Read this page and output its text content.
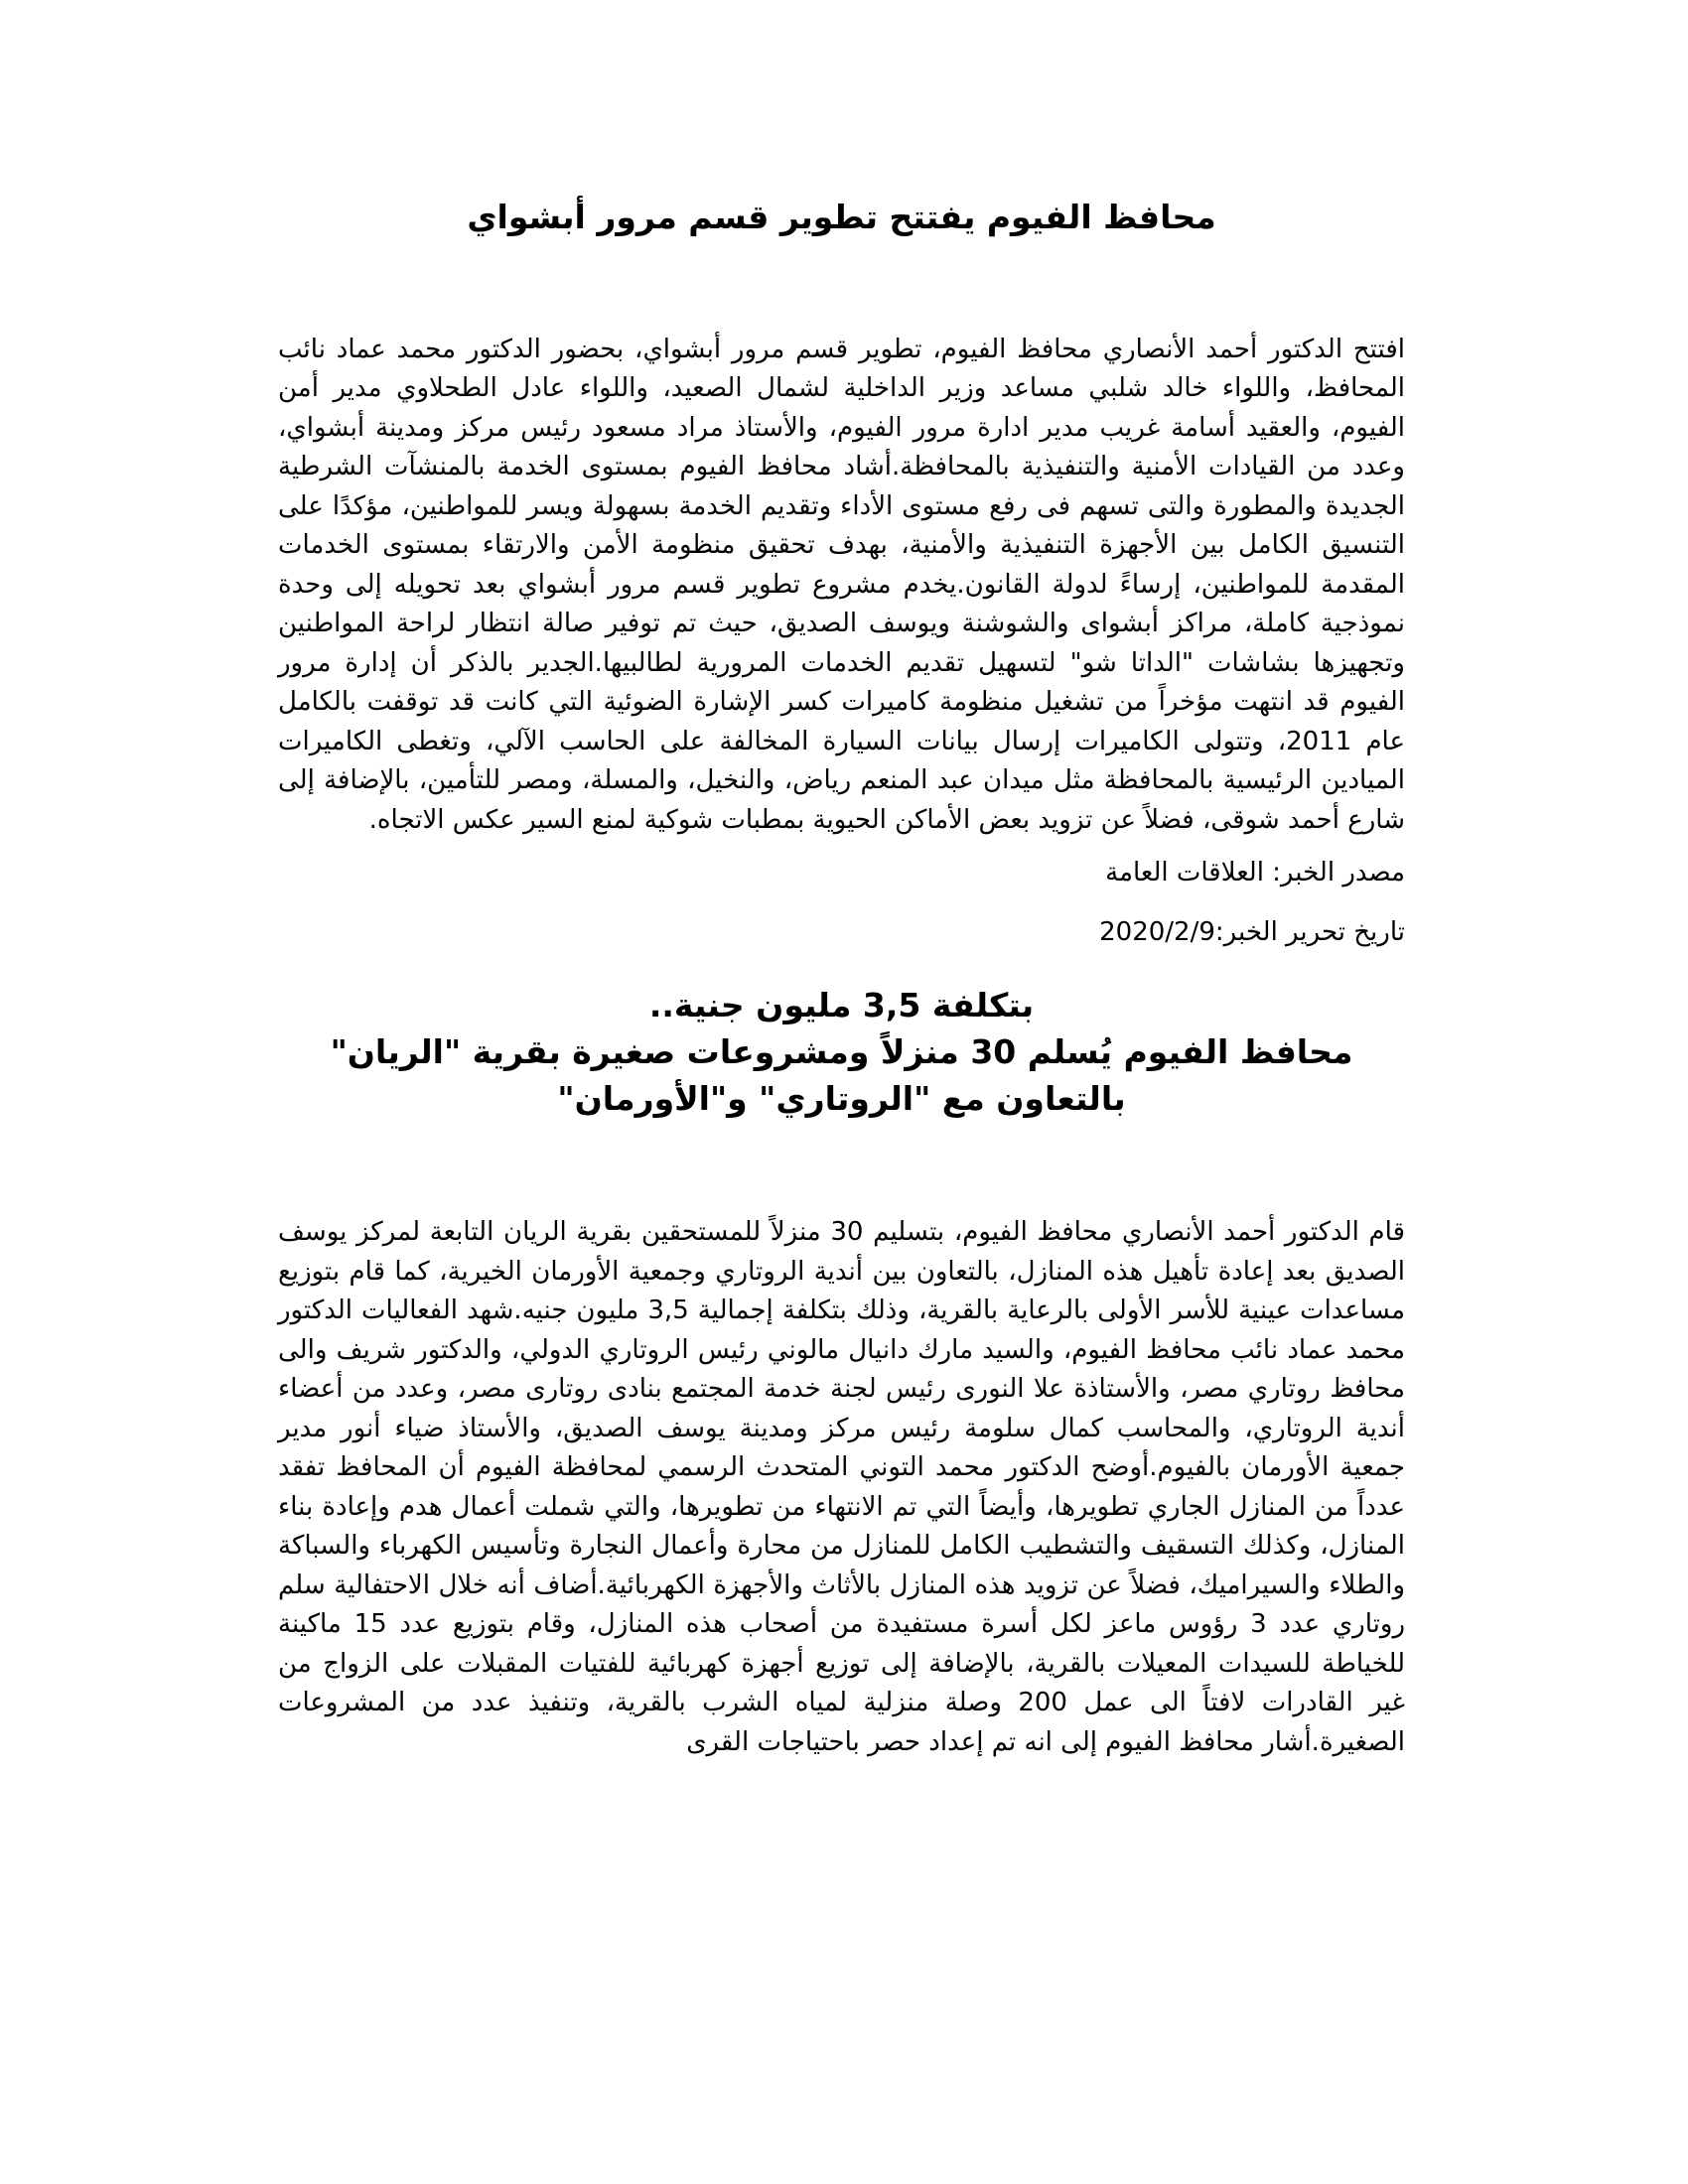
محافظ الفيوم يفتتح تطوير قسم مرور أبشواي

افتتح الدكتور أحمد الأنصاري محافظ الفيوم، تطوير قسم مرور أبشواي، بحضور الدكتور محمد عماد نائب المحافظ، واللواء خالد شلبي مساعد وزير الداخلية لشمال الصعيد، واللواء عادل الطحلاوي مدير أمن الفيوم، والعقيد أسامة غريب مدير ادارة مرور الفيوم، والأستاذ مراد مسعود رئيس مركز ومدينة أبشواي، وعدد من القيادات الأمنية والتنفيذية بالمحافظة.أشاد محافظ الفيوم بمستوى الخدمة بالمنشآت الشرطية الجديدة والمطورة والتى تسهم فى رفع مستوى الأداء وتقديم الخدمة بسهولة ويسر للمواطنين، مؤكدًا على التنسيق الكامل بين الأجهزة التنفيذية والأمنية، بهدف تحقيق منظومة الأمن والارتقاء بمستوى الخدمات المقدمة للمواطنين، إرساءً لدولة القانون.يخدم مشروع تطوير قسم مرور أبشواي بعد تحويله إلى وحدة نموذجية كاملة، مراكز أبشواى والشوشنة ويوسف الصديق، حيث تم توفير صالة انتظار لراحة المواطنين وتجهيزها بشاشات "الداتا شو" لتسهيل تقديم الخدمات المرورية لطالبيها.الجدير بالذكر أن إدارة مرور الفيوم قد انتهت مؤخراً من تشغيل منظومة كاميرات كسر الإشارة الضوئية التي كانت قد توقفت بالكامل عام 2011، وتتولى الكاميرات إرسال بيانات السيارة المخالفة على الحاسب الآلي، وتغطى الكاميرات الميادين الرئيسية بالمحافظة مثل ميدان عبد المنعم رياض، والنخيل، والمسلة، ومصر للتأمين، بالإضافة إلى شارع أحمد شوقى، فضلاً عن تزويد بعض الأماكن الحيوية بمطبات شوكية لمنع السير عكس الاتجاه.

مصدر الخبر: العلاقات العامة

تاريخ تحرير الخبر:2020/2/9

بتكلفة 3,5 مليون جنية..
محافظ الفيوم يُسلم 30 منزلاً ومشروعات صغيرة بقرية "الريان" بالتعاون مع "الروتاري" و"الأورمان"

قام الدكتور أحمد الأنصاري محافظ الفيوم، بتسليم 30 منزلاً للمستحقين بقرية الريان التابعة لمركز يوسف الصديق بعد إعادة تأهيل هذه المنازل، بالتعاون بين أندية الروتاري وجمعية الأورمان الخيرية، كما قام بتوزيع مساعدات عينية للأسر الأولى بالرعاية بالقرية، وذلك بتكلفة إجمالية 3,5 مليون جنيه.شهد الفعاليات الدكتور محمد عماد نائب محافظ الفيوم، والسيد مارك دانيال مالوني رئيس الروتاري الدولي، والدكتور شريف والى محافظ روتاري مصر، والأستاذة علا النورى رئيس لجنة خدمة المجتمع بنادى روتارى مصر، وعدد من أعضاء أندية الروتاري، والمحاسب كمال سلومة رئيس مركز ومدينة يوسف الصديق، والأستاذ ضياء أنور مدير جمعية الأورمان بالفيوم.أوضح الدكتور محمد التوني المتحدث الرسمي لمحافظة الفيوم أن المحافظ تفقد عدداً من المنازل الجاري تطويرها، وأيضاً التي تم الانتهاء من تطويرها، والتي شملت أعمال هدم وإعادة بناء المنازل، وكذلك التسقيف والتشطيب الكامل للمنازل من محارة وأعمال النجارة وتأسيس الكهرباء والسباكة والطلاء والسيراميك، فضلاً عن تزويد هذه المنازل بالأثاث والأجهزة الكهربائية.أضاف أنه خلال الاحتفالية سلم روتاري عدد 3 رؤوس ماعز لكل أسرة مستفيدة من أصحاب هذه المنازل، وقام بتوزيع عدد 15 ماكينة للخياطة للسيدات المعيلات بالقرية، بالإضافة إلى توزيع أجهزة كهربائية للفتيات المقبلات على الزواج من غير القادرات لافتاً الى عمل 200 وصلة منزلية لمياه الشرب بالقرية، وتنفيذ عدد من المشروعات الصغيرة.أشار محافظ الفيوم إلى انه تم إعداد حصر باحتياجات القرى
